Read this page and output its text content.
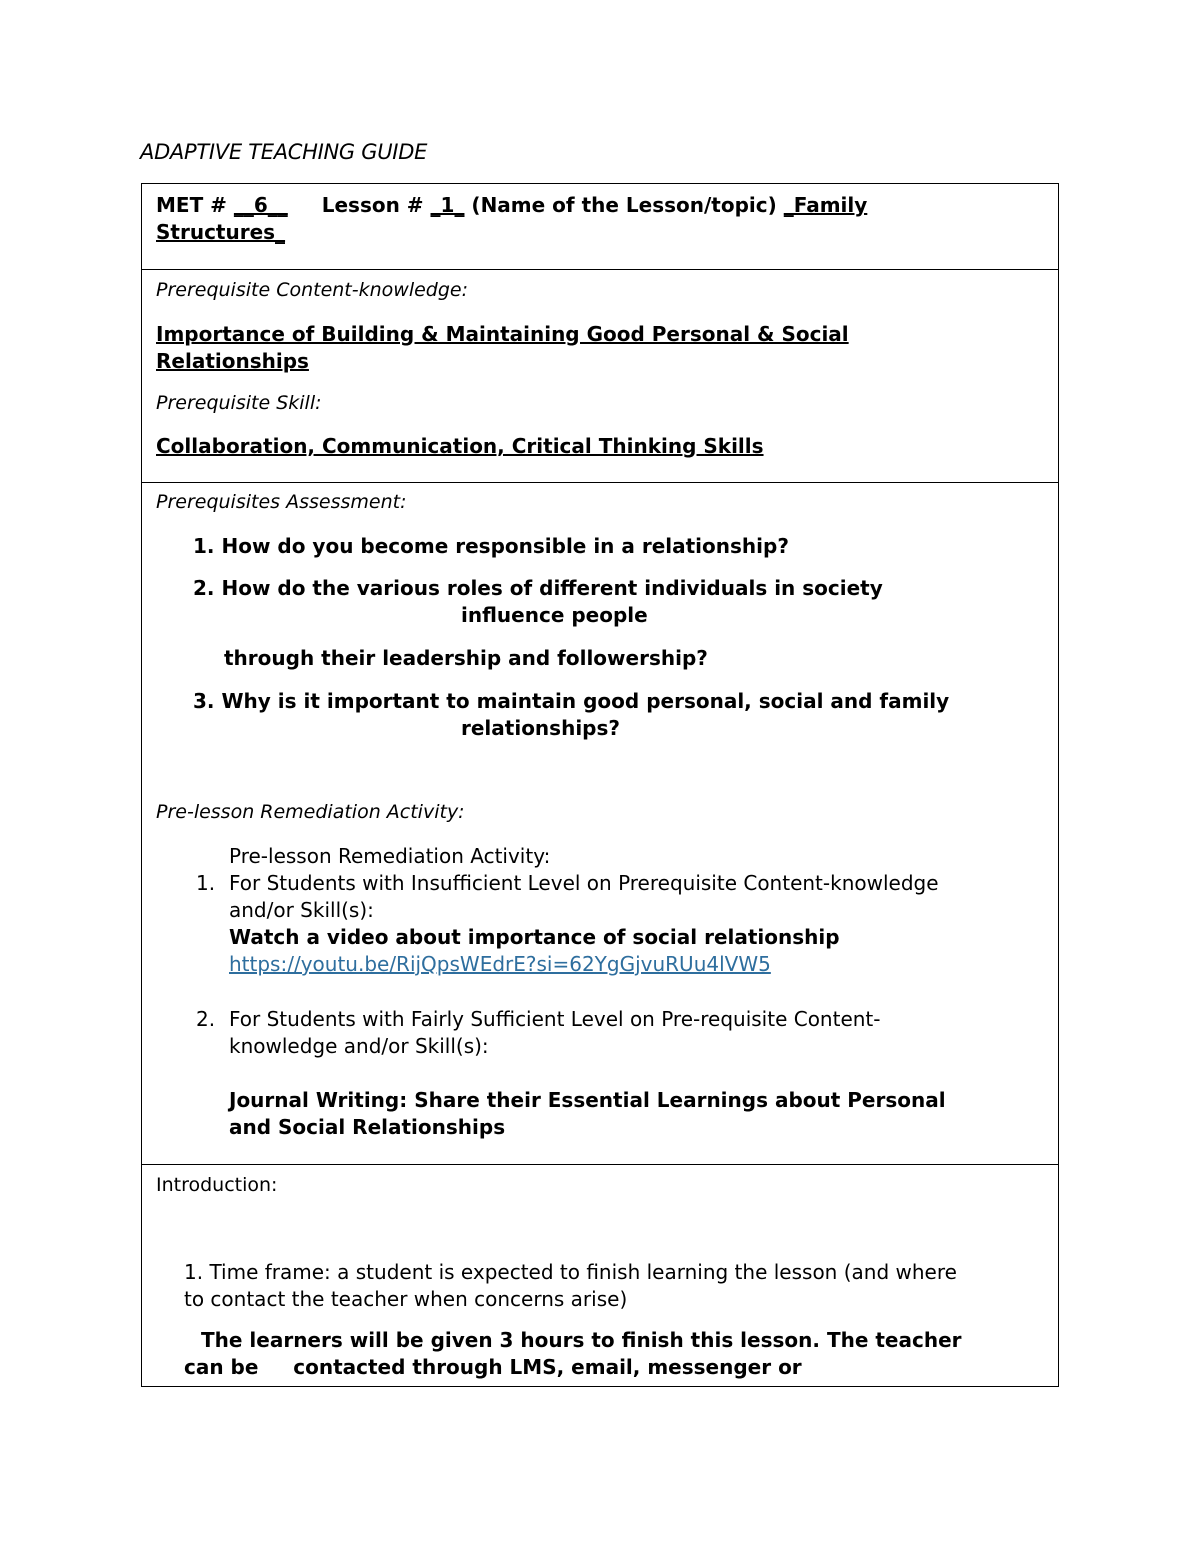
ADAPTIVE TEACHING GUIDE
MET # __6__ Lesson # _1_ (Name of the Lesson/topic) _Family
Structures_
Prerequisite Content-knowledge:
Importance of Building & Maintaining Good Personal & Social
Relationships
Prerequisite Skill:
Collaboration, Communication, Critical Thinking Skills
Prerequisites Assessment:
1. How do you become responsible in a relationship?
2. How do the various roles of different individuals in society
influence people
through their leadership and followership?
3. Why is it important to maintain good personal, social and family
relationships?
Pre-lesson Remediation Activity:
Pre-lesson Remediation Activity:
1. For Students with Insufficient Level on Prerequisite Content-knowledge
and/or Skill(s):
Watch a video about importance of social relationship
https://youtu.be/RijQpsWEdrE?si=62YgGjvuRUu4lVW5
2. For Students with Fairly Sufficient Level on Pre-requisite Content-
knowledge and/or Skill(s):
Journal Writing: Share their Essential Learnings about Personal
and Social Relationships
Introduction:
1. Time frame: a student is expected to finish learning the lesson (and where
to contact the teacher when concerns arise)
The learners will be given 3 hours to finish this lesson. The teacher
can be     contacted through LMS, email, messenger or
